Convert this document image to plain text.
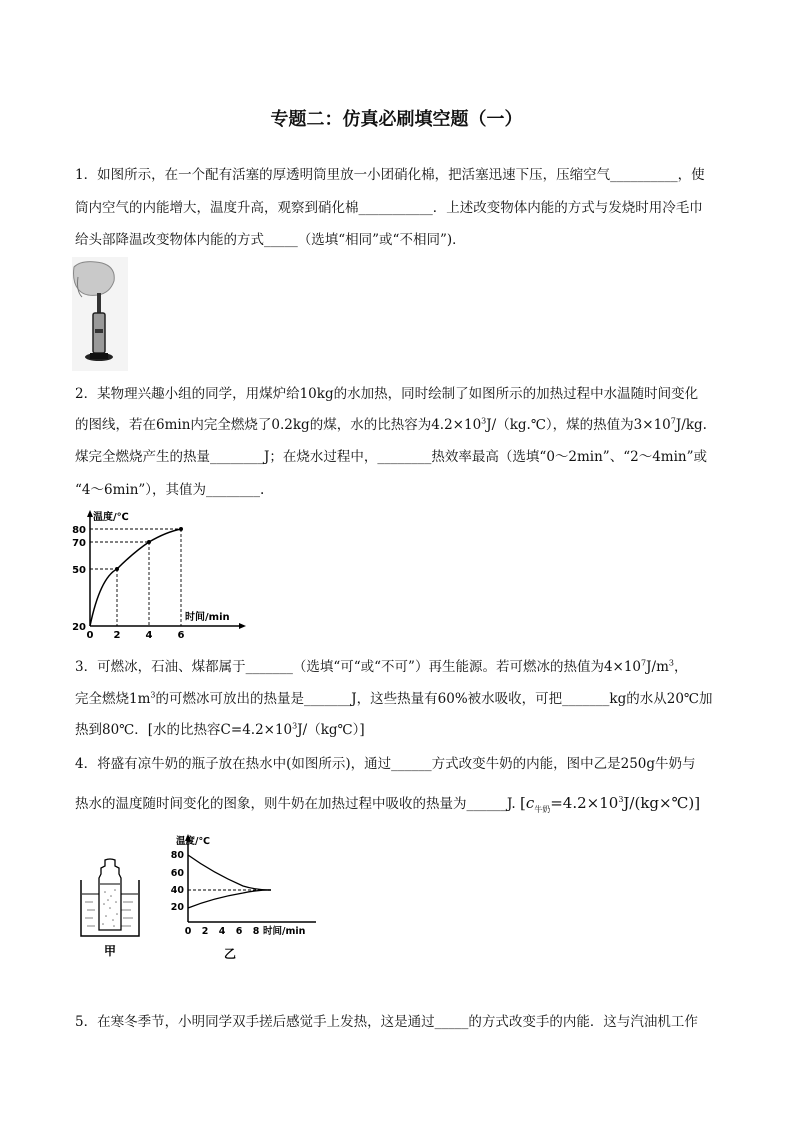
专题二：仿真必刷填空题（一）
1．如图所示，在一个配有活塞的厚透明筒里放一小团硝化棉，把活塞迅速下压，压缩空气__________，使
筒内空气的内能增大，温度升高，观察到硝化棉___________．上述改变物体内能的方式与发烧时用冷毛巾
给头部降温改变物体内能的方式_____（选填“相同”或“不相同”)．
2．某物理兴趣小组的同学，用煤炉给10kg的水加热，同时绘制了如图所示的加热过程中水温随时间变化
的图线，若在6min内完全燃烧了0.2kg的煤，水的比热容为$4.2\times 10^3J/(kg.℃)$，煤的热值为$3\times 10^7J/kg$.
煤完全燃烧产生的热量________J；在烧水过程中，________热效率最高（选填“0～2min”、“2～4min”或
“4～6min”），其值为________.
温度/℃
时间/min
80
70
50
20
0 2	4	6
3．可燃冰，石油、煤都属于_______（选填“可“或“不可”）再生能源。若可燃冰的热值为$4\times 10^7J/m^3$，
完全燃烧$1m^3$的可燃冰可放出的热量是_______J，这些热量有60%被水吸收，可把_______kg的水从20℃加
热到80℃．[水的比热容$C=4.2\times 10^3J/(kg℃)$]
4．将盛有凉牛奶的瓶子放在热水中(如图所示)，通过______方式改变牛奶的内能，图中乙是250g牛奶与
热水的温度随时间变化的图象，则牛奶在加热过程中吸收的热量为______J. $[c_{牛奶}=4.2\times 10^3J/(kg\times℃)]$
甲
温度/℃
80
60
40
20
0 2 4 6 8 时间/min
乙
5．在寒冬季节，小明同学双手搓后感觉手上发热，这是通过_____的方式改变手的内能．这与汽油机工作
